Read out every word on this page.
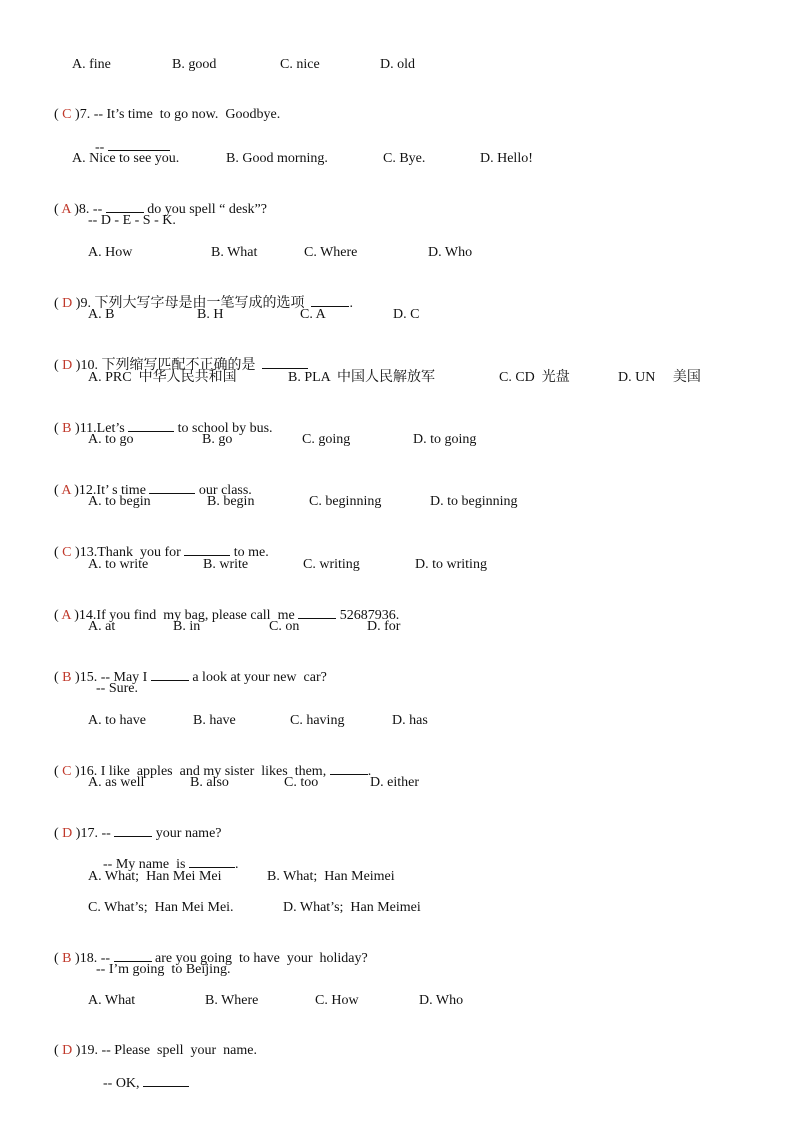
A. fine	B. good	C. nice	D. old

( C )7. -- It’s time  to go now.  Goodbye.

--

A. Nice to see you.	B. Good morning.	C. Bye.	D. Hello!

( A )8. --	do you spell “ desk”?

-- D - E - S - K.
A. How	B. What	C. Where	D. Who

( D )9. 下列大写字母是由一笔写成的选项	.

A. B	B. H	C. A	D. C

( D )10. 下列缩写匹配不正确的是

A. PRC 中华人民共和国	B. PLA 中国人民解放军	C. CD 光盘	D. UN 美国

( B )11.Let’s	to school by bus.

A. to go	B. go	C. going	D. to going

( A )12.It’ s time	our class.

A. to begin	B. begin	C. beginning	D. to beginning

( C )13.Thank  you for	to me.

A. to write	B. write	C. writing	D. to writing

( A )14.If you find  my bag, please call  me	52687936.

A. at	B. in	C. on	D. for

( B )15. -- May I	a look at your new  car?

-- Sure.
A. to have	B. have	C. having	D. has

( C )16. I like  apples  and my sister  likes  them,	.

A. as well	B. also	C. too	D. either

( D )17. --	your name?

-- My name  is	.

A. What;  Han Mei Mei	B. What;  Han Meimei
C. What’s;  Han Mei Mei.	D. What’s;  Han Meimei

( B )18. --	are you going  to have  your  holiday?

-- I’m going  to Beijing.
A. What	B. Where	C. How	D. Who

( D )19. -- Please  spell  your  name.

-- OK,
